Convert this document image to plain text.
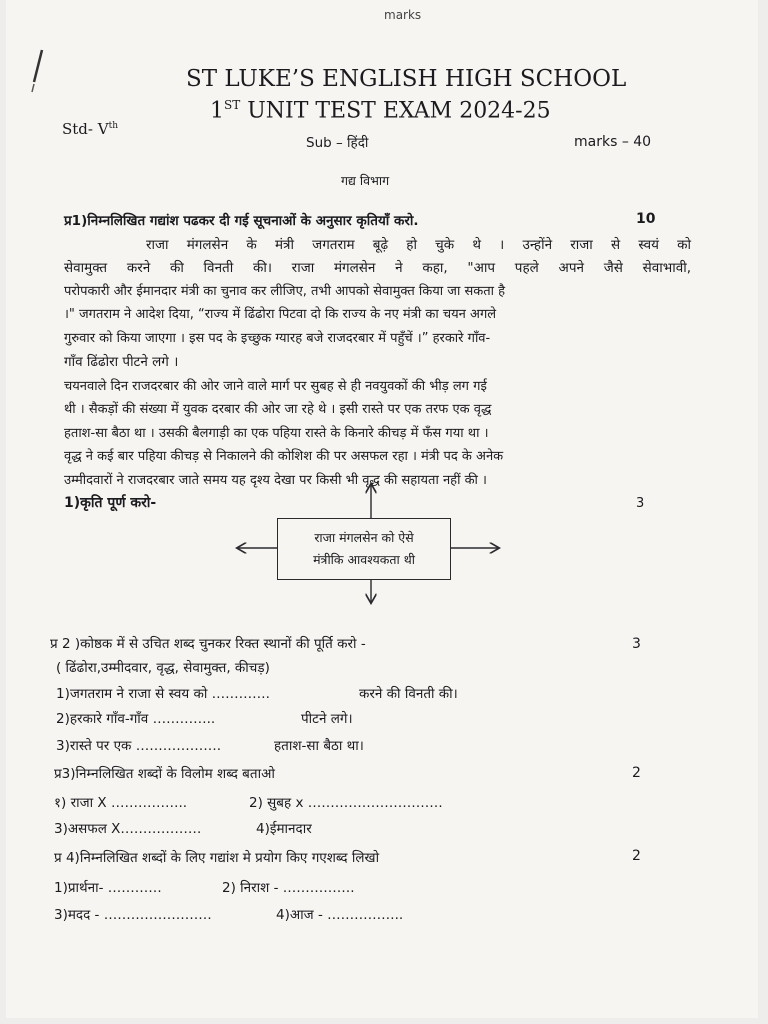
marks
ST LUKE’S ENGLISH HIGH SCHOOL
1ST UNIT TEST EXAM 2024-25
Std- Vth
Sub – हिंदी	marks – 40
गद्य विभाग
प्र1)निम्नलिखित गद्यांश पढकर दी गई सूचनाओं के अनुसार कृतियाँ करो.	10
राजा मंगलसेन के मंत्री जगतराम बूढ़े हो चुके थे । उन्होंने राजा से स्वयं को
सेवामुक्त करने की विनती की। राजा मंगलसेन ने कहा, "आप पहले अपने जैसे सेवाभावी,
परोपकारी और ईमानदार मंत्री का चुनाव कर लीजिए, तभी आपको सेवामुक्त किया जा सकता है
।" जगतराम ने आदेश दिया, “राज्य में ढिंढोरा पिटवा दो कि राज्य के नए मंत्री का चयन अगले
गुरुवार को किया जाएगा । इस पद के इच्छुक ग्यारह बजे राजदरबार में पहुँचें ।” हरकारे गाँव-
गाँव ढिंढोरा पीटने लगे ।
चयनवाले दिन राजदरबार की ओर जाने वाले मार्ग पर सुबह से ही नवयुवकों की भीड़ लग गई
थी । सैकड़ों की संख्या में युवक दरबार की ओर जा रहे थे । इसी रास्ते पर एक तरफ एक वृद्ध
हताश-सा बैठा था । उसकी बैलगाड़ी का एक पहिया रास्ते के किनारे कीचड़ में फँस गया था ।
वृद्ध ने कई बार पहिया कीचड़ से निकालने की कोशिश की पर असफल रहा । मंत्री पद के अनेक
उम्मीदवारों ने राजदरबार जाते समय यह दृश्य देखा पर किसी भी वृद्ध की सहायता नहीं की ।
1)कृति पूर्ण करो-	3
राजा मंगलसेन को ऐसे
मंत्रीकि आवश्यकता थी
प्र 2 )कोष्ठक में से उचित शब्द चुनकर रिक्त स्थानों की पूर्ति करो -	3
( ढिंढोरा,उम्मीदवार, वृद्ध, सेवामुक्त, कीचड़)
1)जगतराम ने राजा से स्वय को ………….	करने की विनती की।
2)हरकारे गाँव-गाँव …………..	पीटने लगे।
3)रास्ते पर एक ……………….	हताश-सा बैठा था।
प्र3)निम्नलिखित शब्दों के विलोम शब्द बताओ	2
१) राजा X ……………..	2) सुबह x …………………………
3)असफल X………………	4)ईमानदार
प्र 4)निम्नलिखित शब्दों के लिए गद्यांश मे प्रयोग किए गएशब्द लिखो	2
1)प्रार्थना- …………	2) निराश - …………….
3)मदद - ……………………	4)आज - ……………..
